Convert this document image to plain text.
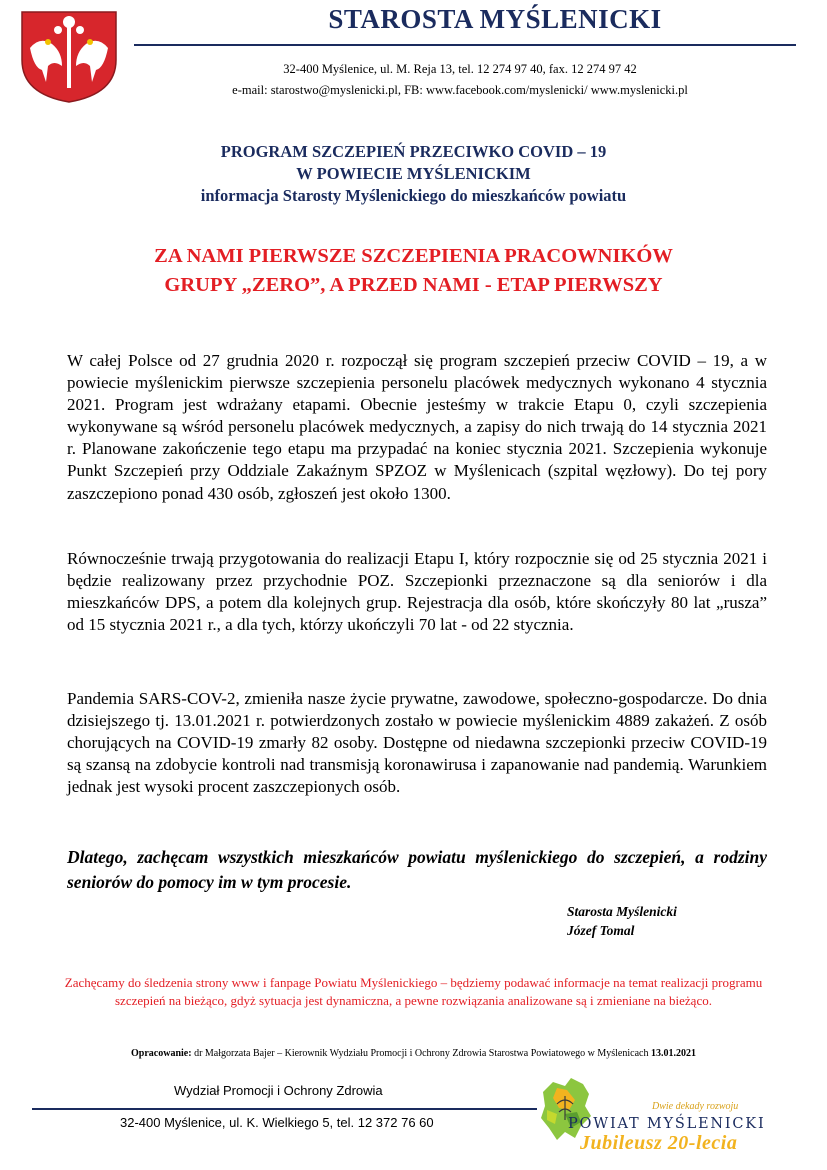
STAROSTA MYŚLENICKI
32-400 Myślenice, ul. M. Reja 13, tel. 12 274 97 40, fax. 12 274 97 42
e-mail: starostwo@myslenicki.pl, FB: www.facebook.com/myslenicki/ www.myslenicki.pl
PROGRAM SZCZEPIEŃ PRZECIWKO COVID – 19
W POWIECIE MYŚLENICKIM
informacja Starosty Myślenickiego do mieszkańców powiatu
ZA NAMI PIERWSZE SZCZEPIENIA PRACOWNIKÓW
GRUPY „ZERO”, A PRZED NAMI - ETAP PIERWSZY
W całej Polsce od 27 grudnia 2020 r. rozpoczął się program szczepień przeciw COVID – 19, a w powiecie myślenickim pierwsze szczepienia personelu placówek medycznych wykonano 4 stycznia 2021. Program jest wdrażany etapami. Obecnie jesteśmy w trakcie Etapu 0, czyli szczepienia wykonywane są wśród personelu placówek medycznych, a zapisy do nich trwają do 14 stycznia 2021 r. Planowane zakończenie tego etapu ma przypadać na koniec stycznia 2021. Szczepienia wykonuje Punkt Szczepień przy Oddziale Zakaźnym SPZOZ w Myślenicach (szpital węzłowy). Do tej pory zaszczepiono ponad 430 osób, zgłoszeń jest około 1300.
Równocześnie trwają przygotowania do realizacji Etapu I, który rozpocznie się od 25 stycznia 2021 i będzie realizowany przez przychodnie POZ. Szczepionki przeznaczone są dla seniorów i dla mieszkańców DPS, a potem dla kolejnych grup. Rejestracja dla osób, które skończyły 80 lat „rusza” od 15 stycznia 2021 r., a dla tych, którzy ukończyli 70 lat - od 22 stycznia.
Pandemia SARS-COV-2, zmieniła nasze życie prywatne, zawodowe, społeczno-gospodarcze. Do dnia dzisiejszego tj. 13.01.2021 r. potwierdzonych zostało w powiecie myślenickim 4889 zakażeń. Z osób chorujących na COVID-19 zmarły 82 osoby. Dostępne od niedawna szczepionki przeciw COVID-19 są szansą na zdobycie kontroli nad transmisją koronawirusa i zapanowanie nad pandemią. Warunkiem jednak jest wysoki procent zaszczepionych osób.
Dlatego, zachęcam wszystkich mieszkańców powiatu myślenickiego do szczepień, a rodziny seniorów do pomocy im w tym procesie.
Starosta Myślenicki
Józef Tomal
Zachęcamy do śledzenia strony www i fanpage Powiatu Myślenickiego – będziemy podawać informacje na temat realizacji programu szczepień na bieżąco, gdyż sytuacja jest dynamiczna, a pewne rozwiązania analizowane są i zmieniane na bieżąco.
Opracowanie: dr Małgorzata Bajer – Kierownik Wydziału Promocji i Ochrony Zdrowia Starostwa Powiatowego w Myślenicach 13.01.2021
Wydział Promocji i Ochrony Zdrowia
32-400 Myślenice, ul. K. Wielkiego 5, tel. 12 372 76 60
Dwie dekady rozwoju
POWIAT MYŚLENICKI
Jubileusz 20-lecia
